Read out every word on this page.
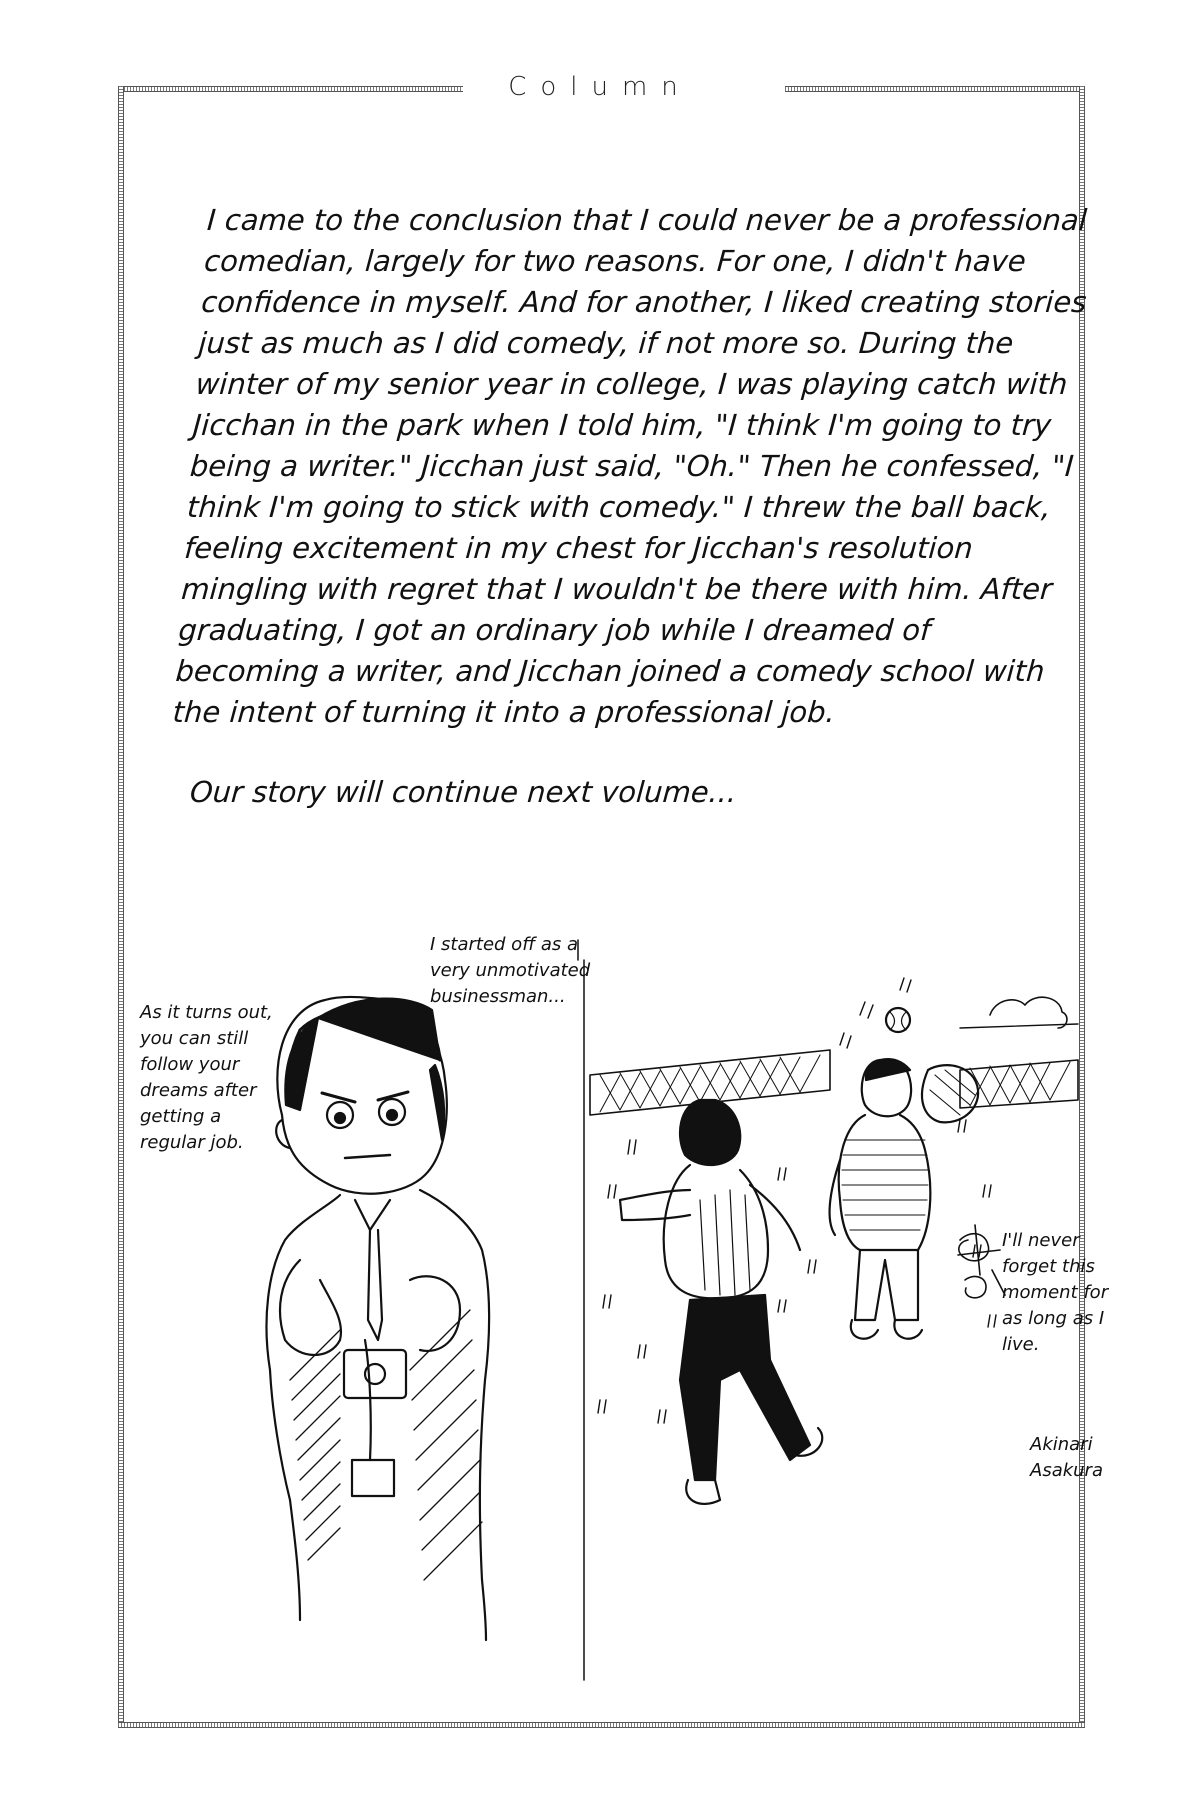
Column

I came to the conclusion that I could never be a professional comedian, largely for two reasons. For one, I didn't have confidence in myself. And for another, I liked creating stories just as much as I did comedy, if not more so. During the winter of my senior year in college, I was playing catch with Jicchan in the park when I told him, "I think I'm going to try being a writer." Jicchan just said, "Oh." Then he confessed, "I think I'm going to stick with comedy." I threw the ball back, feeling excitement in my chest for Jicchan's resolution mingling with regret that I wouldn't be there with him. After graduating, I got an ordinary job while I dreamed of becoming a writer, and Jicchan joined a comedy school with the intent of turning it into a professional job.

Our story will continue next volume...

As it turns out, you can still follow your dreams after getting a regular job.

I started off as a very unmotivated businessman...

I'll never forget this moment for as long as I live.

Akinari Asakura
